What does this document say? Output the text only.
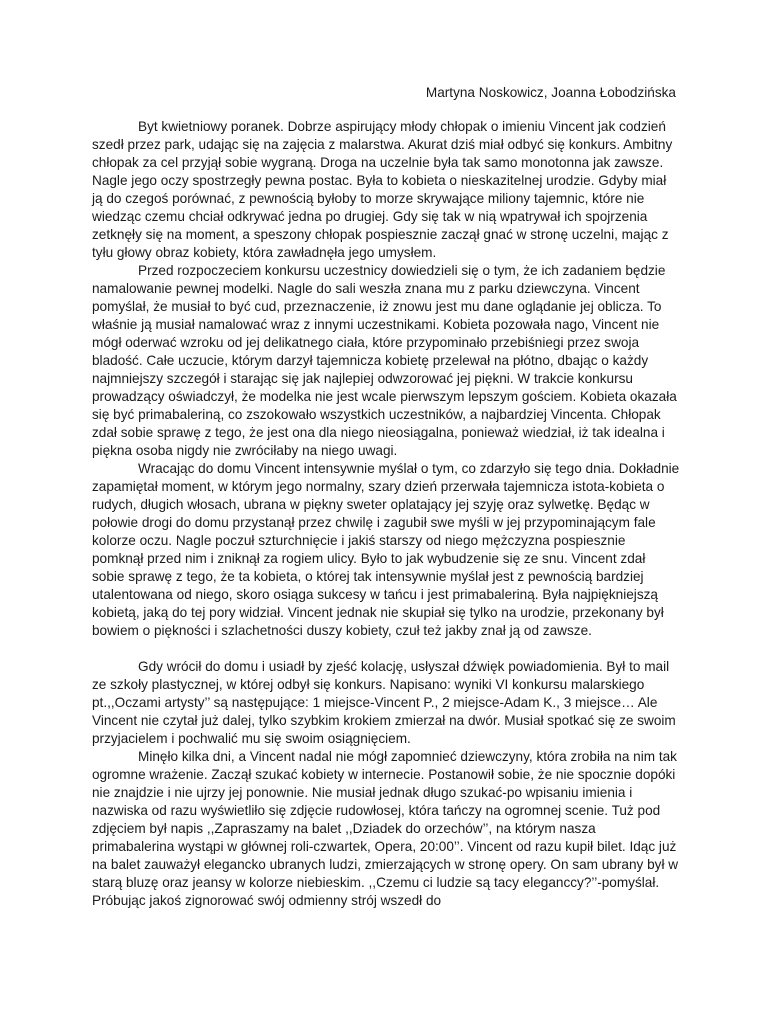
Martyna Noskowicz, Joanna Łobodzińska

Byt kwietniowy poranek. Dobrze aspirujący młody chłopak o imieniu Vincent jak codzień szedł przez park, udając się na zajęcia z malarstwa. Akurat dziś miał odbyć się konkurs. Ambitny chłopak za cel przyjął sobie wygraną. Droga na uczelnie była tak samo monotonna jak zawsze. Nagle jego oczy spostrzegły pewna postac. Była to kobieta o nieskazitelnej urodzie. Gdyby miał ją do czegoś porównać, z pewnością byłoby to morze skrywające miliony tajemnic, które nie wiedząc czemu chciał odkrywać jedna po drugiej. Gdy się tak w nią wpatrywał ich spojrzenia zetknęły się na moment, a speszony chłopak pospiesznie zaczął gnać w stronę uczelni, mając z tyłu głowy obraz kobiety, która zawładnęła jego umysłem.

Przed rozpoczeciem konkursu uczestnicy dowiedzieli się o tym, że ich zadaniem będzie namalowanie pewnej modelki. Nagle do sali weszła znana mu z parku dziewczyna. Vincent pomyślał, że musiał to być cud, przeznaczenie, iż znowu jest mu dane oglądanie jej oblicza. To właśnie ją musiał namalować wraz z innymi uczestnikami. Kobieta pozowała nago, Vincent nie mógł oderwać wzroku od jej delikatnego ciała, które przypominało przebiśniegi przez swoja bladość. Całe uczucie, którym darzył tajemnicza kobietę przelewał na płótno, dbając o każdy najmniejszy szczegół i starając się jak najlepiej odwzorować jej piękni. W trakcie konkursu prowadzący oświadczył, że modelka nie jest wcale pierwszym lepszym gościem. Kobieta okazała się być primabaleriną, co zszokowało wszystkich uczestników, a najbardziej Vincenta. Chłopak zdał sobie sprawę z tego, że jest ona dla niego nieosiągalna, ponieważ wiedział, iż tak idealna i piękna osoba nigdy nie zwróciłaby na niego uwagi.

Wracając do domu Vincent intensywnie myślał o tym, co zdarzyło się tego dnia. Dokładnie zapamiętał moment, w którym jego normalny, szary dzień przerwała tajemnicza istota-kobieta o rudych, długich włosach, ubrana w piękny sweter oplatający jej szyję oraz sylwetkę. Będąc w połowie drogi do domu przystanął przez chwilę i zagubił swe myśli w jej przypominającym fale kolorze oczu. Nagle poczuł szturchnięcie i jakiś starszy od niego mężczyzna pospiesznie pomknął przed nim i zniknął za rogiem ulicy. Było to jak wybudzenie się ze snu. Vincent zdał sobie sprawę z tego, że ta kobieta, o której tak intensywnie myślał jest z pewnością bardziej utalentowana od niego, skoro osiąga sukcesy w tańcu i jest primabaleriną. Była najpiękniejszą kobietą, jaką do tej pory widział. Vincent jednak nie skupiał się tylko na urodzie, przekonany był bowiem o piękności i szlachetności duszy kobiety, czuł też jakby znał ją od zawsze.

Gdy wrócił do domu i usiadł by zjeść kolację, usłyszał dźwięk powiadomienia. Był to mail ze szkoły plastycznej, w której odbył się konkurs. Napisano: wyniki VI konkursu malarskiego pt.,,Oczami artysty’’ są następujące: 1 miejsce-Vincent P., 2 miejsce-Adam K., 3 miejsce… Ale Vincent nie czytał już dalej, tylko szybkim krokiem zmierzał na dwór. Musiał spotkać się ze swoim przyjacielem i pochwalić mu się swoim osiągnięciem.

Minęło kilka dni, a Vincent nadal nie mógł zapomnieć dziewczyny, która zrobiła na nim tak ogromne wrażenie. Zaczął szukać kobiety w internecie. Postanowił sobie, że nie spocznie dopóki nie znajdzie i nie ujrzy jej ponownie. Nie musiał jednak długo szukać-po wpisaniu imienia i nazwiska od razu wyświetliło się zdjęcie rudowłosej, która tańczy na ogromnej scenie. Tuż pod zdjęciem był napis ,,Zapraszamy na balet ,,Dziadek do orzechów’’, na którym nasza primabalerina wystąpi w głównej roli-czwartek, Opera, 20:00’’. Vincent od razu kupił bilet. Idąc już na balet zauważył elegancko ubranych ludzi, zmierzających w stronę opery. On sam ubrany był w starą bluzę oraz jeansy w kolorze niebieskim. ,,Czemu ci ludzie są tacy eleganccy?’’-pomyślał. Próbując jakoś zignorować swój odmienny strój wszedł do
